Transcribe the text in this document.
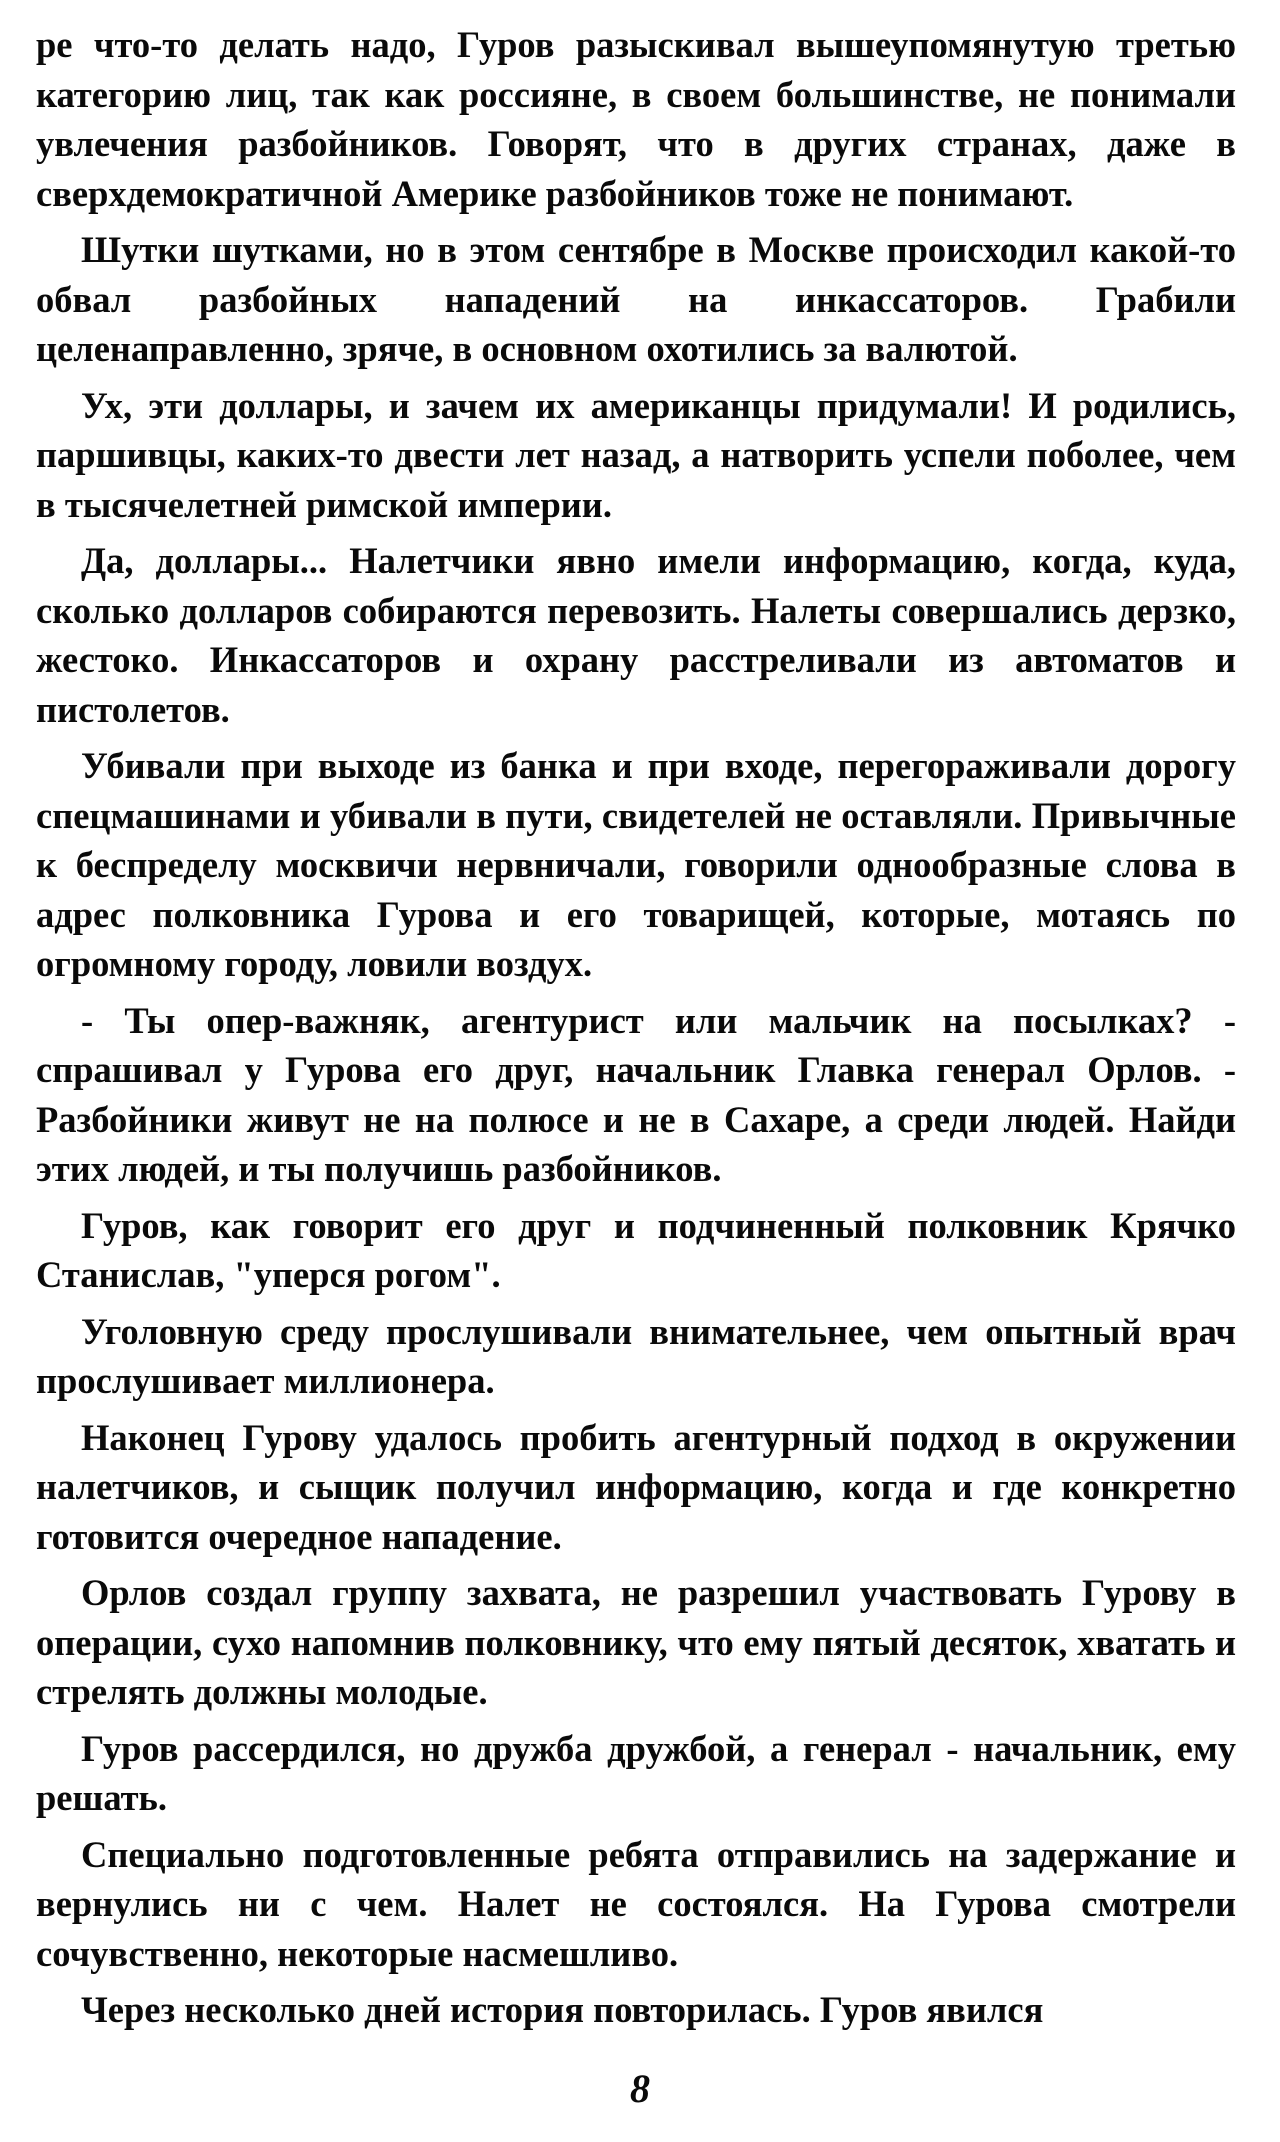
ре что-то делать надо, Гуров разыскивал вышеупомянутую третью категорию лиц, так как россияне, в своем большинстве, не понимали увлечения разбойников. Говорят, что в других странах, даже в сверхдемократичной Америке разбойников тоже не понимают.

Шутки шутками, но в этом сентябре в Москве происходил какой-то обвал разбойных нападений на инкассаторов. Грабили целенаправленно, зряче, в основном охотились за валютой.

Ух, эти доллары, и зачем их американцы придумали! И родились, паршивцы, каких-то двести лет назад, а натворить успели поболее, чем в тысячелетней римской империи.

Да, доллары... Налетчики явно имели информацию, когда, куда, сколько долларов собираются перевозить. Налеты совершались дерзко, жестоко. Инкассаторов и охрану расстреливали из автоматов и пистолетов.

Убивали при выходе из банка и при входе, перегораживали дорогу спецмашинами и убивали в пути, свидетелей не оставляли. Привычные к беспределу москвичи нервничали, говорили однообразные слова в адрес полковника Гурова и его товарищей, которые, мотаясь по огромному городу, ловили воздух.

- Ты опер-важняк, агентурист или мальчик на посылках? - спрашивал у Гурова его друг, начальник Главка генерал Орлов. - Разбойники живут не на полюсе и не в Сахаре, а среди людей. Найди этих людей, и ты получишь разбойников.

Гуров, как говорит его друг и подчиненный полковник Крячко Станислав, "уперся рогом".

Уголовную среду прослушивали внимательнее, чем опытный врач прослушивает миллионера.

Наконец Гурову удалось пробить агентурный подход в окружении налетчиков, и сыщик получил информацию, когда и где конкретно готовится очередное нападение.

Орлов создал группу захвата, не разрешил участвовать Гурову в операции, сухо напомнив полковнику, что ему пятый десяток, хватать и стрелять должны молодые.

Гуров рассердился, но дружба дружбой, а генерал - начальник, ему решать.

Специально подготовленные ребята отправились на задержание и вернулись ни с чем. Налет не состоялся. На Гурова смотрели сочувственно, некоторые насмешливо.

Через несколько дней история повторилась. Гуров явился

8
